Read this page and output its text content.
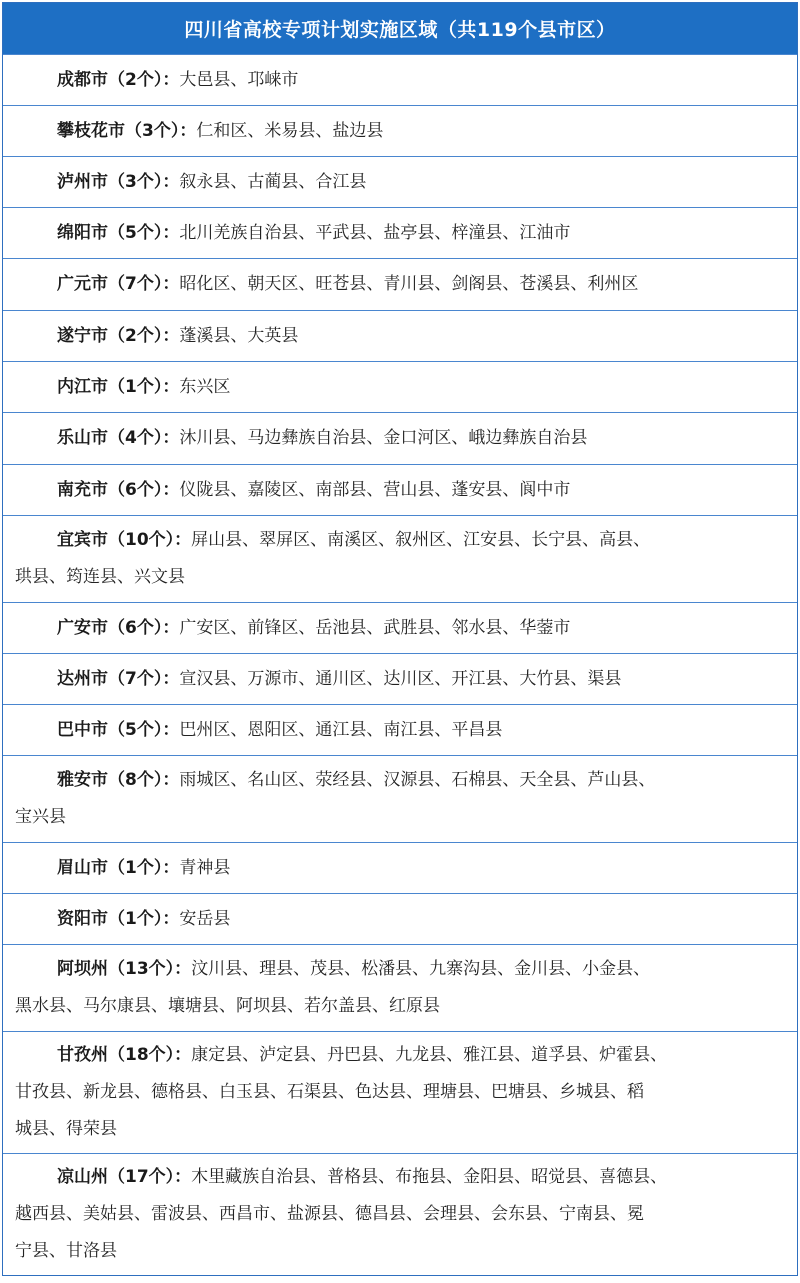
四川省高校专项计划实施区域（共119个县市区）

成都市（2个）：大邑县、邛崃市

攀枝花市（3个）：仁和区、米易县、盐边县

泸州市（3个）：叙永县、古蔺县、合江县

绵阳市（5个）：北川羌族自治县、平武县、盐亭县、梓潼县、江油市

广元市（7个）：昭化区、朝天区、旺苍县、青川县、剑阁县、苍溪县、利州区

遂宁市（2个）：蓬溪县、大英县

内江市（1个）：东兴区

乐山市（4个）：沐川县、马边彝族自治县、金口河区、峨边彝族自治县

南充市（6个）：仪陇县、嘉陵区、南部县、营山县、蓬安县、阆中市

宜宾市（10个）：屏山县、翠屏区、南溪区、叙州区、江安县、长宁县、高县、

珙县、筠连县、兴文县

广安市（6个）：广安区、前锋区、岳池县、武胜县、邻水县、华蓥市

达州市（7个）：宣汉县、万源市、通川区、达川区、开江县、大竹县、渠县

巴中市（5个）：巴州区、恩阳区、通江县、南江县、平昌县

雅安市（8个）：雨城区、名山区、荥经县、汉源县、石棉县、天全县、芦山县、

宝兴县

眉山市（1个）：青神县

资阳市（1个）：安岳县

阿坝州（13个）：汶川县、理县、茂县、松潘县、九寨沟县、金川县、小金县、

黑水县、马尔康县、壤塘县、阿坝县、若尔盖县、红原县

甘孜州（18个）：康定县、泸定县、丹巴县、九龙县、雅江县、道孚县、炉霍县、

甘孜县、新龙县、德格县、白玉县、石渠县、色达县、理塘县、巴塘县、乡城县、稻

城县、得荣县

凉山州（17个）：木里藏族自治县、普格县、布拖县、金阳县、昭觉县、喜德县、

越西县、美姑县、雷波县、西昌市、盐源县、德昌县、会理县、会东县、宁南县、冕

宁县、甘洛县
